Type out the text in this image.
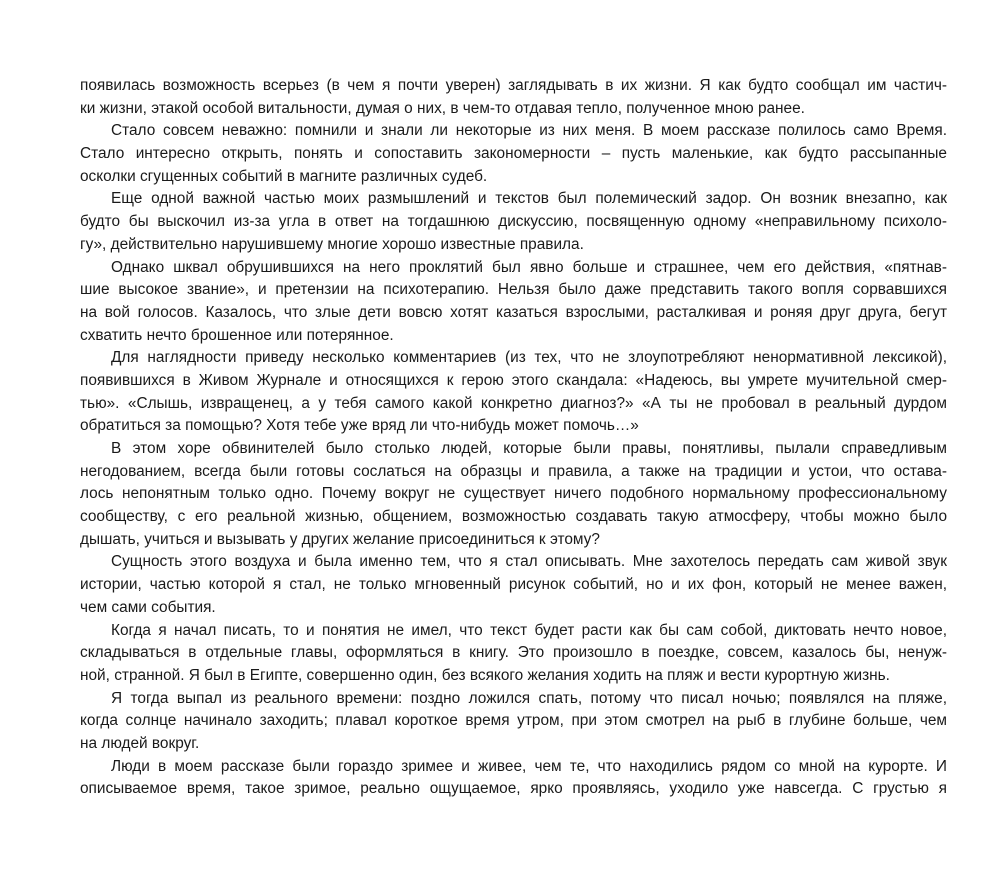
появилась возможность всерьез (в чем я почти уверен) заглядывать в их жизни. Я как будто сообщал им частич-
ки жизни, этакой особой витальности, думая о них, в чем-то отдавая тепло, полученное мною ранее.

Стало совсем неважно: помнили и знали ли некоторые из них меня. В моем рассказе полилось само Время.
Стало интересно открыть, понять и сопоставить закономерности – пусть маленькие, как будто рассыпанные
осколки сгущенных событий в магните различных судеб.

Еще одной важной частью моих размышлений и текстов был полемический задор. Он возник внезапно, как
будто бы выскочил из-за угла в ответ на тогдашнюю дискуссию, посвященную одному «неправильному психоло-
гу», действительно нарушившему многие хорошо известные правила.

Однако шквал обрушившихся на него проклятий был явно больше и страшнее, чем его действия, «пятнав-
шие высокое звание», и претензии на психотерапию. Нельзя было даже представить такого вопля сорвавшихся
на вой голосов. Казалось, что злые дети вовсю хотят казаться взрослыми, расталкивая и роняя друг друга, бегут
схватить нечто брошенное или потерянное.

Для наглядности приведу несколько комментариев (из тех, что не злоупотребляют ненормативной лексикой),
появившихся в Живом Журнале и относящихся к герою этого скандала: «Надеюсь, вы умрете мучительной смер-
тью». «Слышь, извращенец, а у тебя самого какой конкретно диагноз?» «А ты не пробовал в реальный дурдом
обратиться за помощью? Хотя тебе уже вряд ли что-нибудь может помочь…»

В этом хоре обвинителей было столько людей, которые были правы, понятливы, пылали справедливым
негодованием, всегда были готовы сослаться на образцы и правила, а также на традиции и устои, что остава-
лось непонятным только одно. Почему вокруг не существует ничего подобного нормальному профессиональному
сообществу, с его реальной жизнью, общением, возможностью создавать такую атмосферу, чтобы можно было
дышать, учиться и вызывать у других желание присоединиться к этому?

Сущность этого воздуха и была именно тем, что я стал описывать. Мне захотелось передать сам живой звук
истории, частью которой я стал, не только мгновенный рисунок событий, но и их фон, который не менее важен,
чем сами события.

Когда я начал писать, то и понятия не имел, что текст будет расти как бы сам собой, диктовать нечто новое,
складываться в отдельные главы, оформляться в книгу. Это произошло в поездке, совсем, казалось бы, ненуж-
ной, странной. Я был в Египте, совершенно один, без всякого желания ходить на пляж и вести курортную жизнь.

Я тогда выпал из реального времени: поздно ложился спать, потому что писал ночью; появлялся на пляже,
когда солнце начинало заходить; плавал короткое время утром, при этом смотрел на рыб в глубине больше, чем
на людей вокруг.

Люди в моем рассказе были гораздо зримее и живее, чем те, что находились рядом со мной на курорте. И
описываемое время, такое зримое, реально ощущаемое, ярко проявляясь, уходило уже навсегда. С грустью я
